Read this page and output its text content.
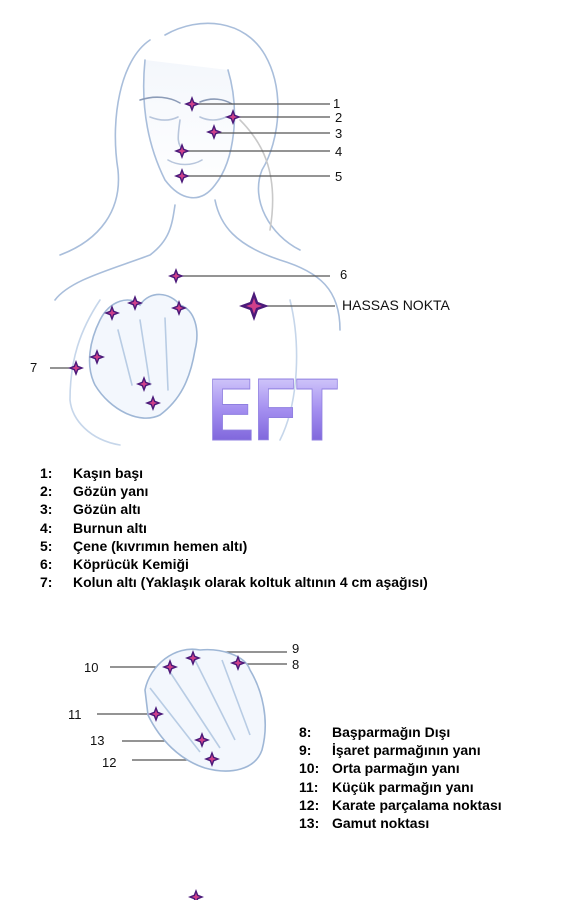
EFT
1
2
3
4
5
6
HASSAS NOKTA
7
9
8
10
11
13
12
1: Kaşın başı
2: Gözün yanı
3: Gözün altı
4: Burnun altı
5: Çene (kıvrımın hemen altı)
6: Köprücük Kemiği
7: Kolun altı (Yaklaşık olarak koltuk altının 4 cm aşağısı)
8: Başparmağın Dışı
9: İşaret parmağının yanı
10: Orta parmağın yanı
11: Küçük parmağın yanı
12: Karate parçalama noktası
13: Gamut noktası
